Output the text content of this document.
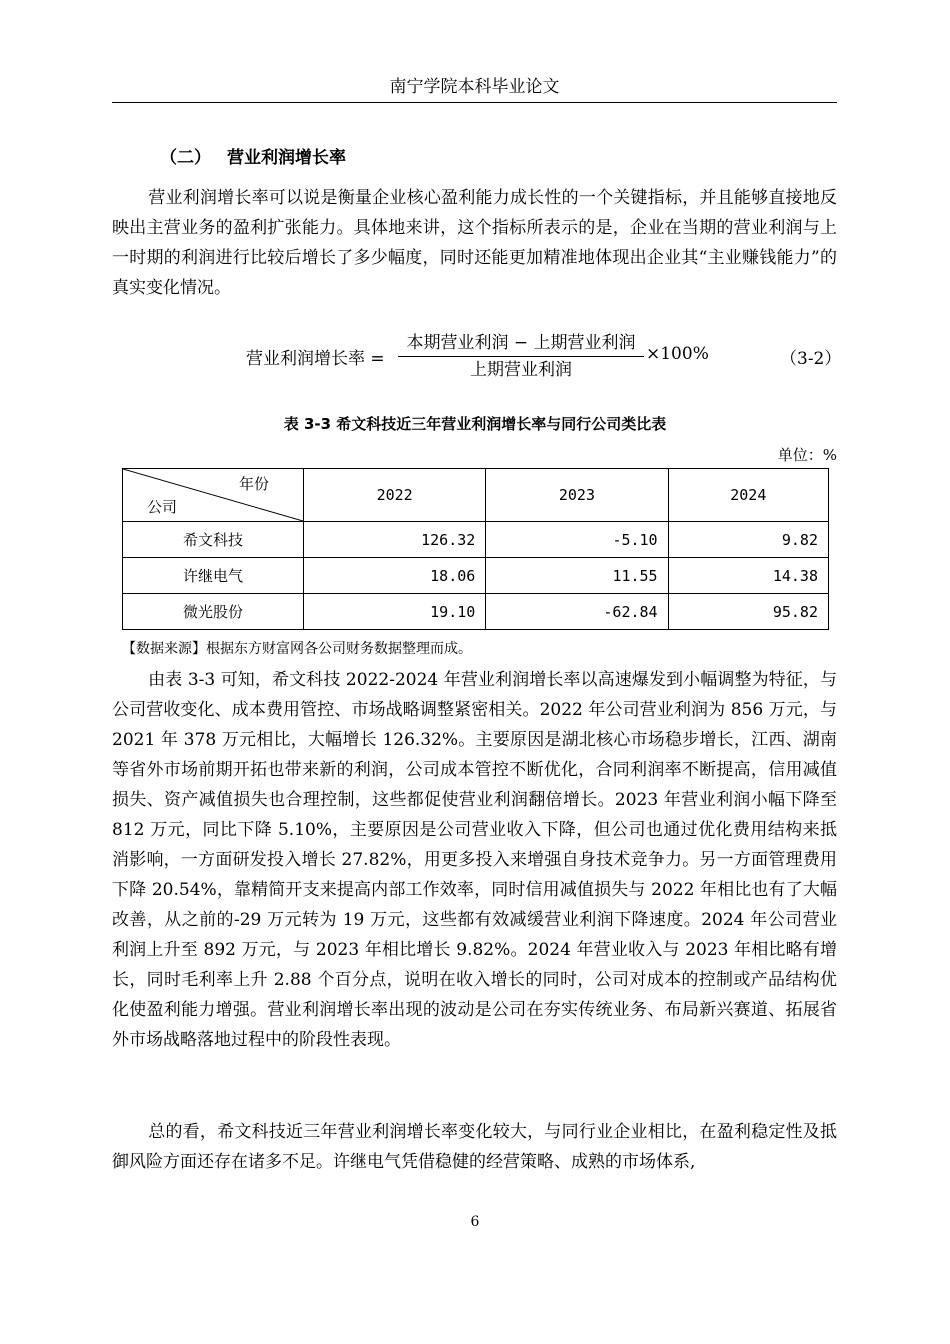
南宁学院本科毕业论文
（二） 营业利润增长率
营业利润增长率可以说是衡量企业核心盈利能力成长性的一个关键指标，并且能够直接地反映出主营业务的盈利扩张能力。具体地来讲，这个指标所表示的是，企业在当期的营业利润与上一时期的利润进行比较后增长了多少幅度，同时还能更加精准地体现出企业其“主业赚钱能力”的真实变化情况。
营业利润增长率 =
本期营业利润 − 上期营业利润
上期营业利润
×100%	（3-2）
表 3-3 希文科技近三年营业利润增长率与同行公司类比表
单位：%
年份
公司	2022	2023	2024
希文科技	126.32	-5.10	9.82
许继电气	18.06	11.55	14.38
微光股份	19.10	-62.84	95.82
【数据来源】根据东方财富网各公司财务数据整理而成。
由表 3-3 可知，希文科技 2022-2024 年营业利润增长率以高速爆发到小幅调整为特征，与公司营收变化、成本费用管控、市场战略调整紧密相关。2022 年公司营业利润为 856 万元，与 2021 年 378 万元相比，大幅增长 126.32%。主要原因是湖北核心市场稳步增长，江西、湖南等省外市场前期开拓也带来新的利润，公司成本管控不断优化，合同利润率不断提高，信用减值损失、资产减值损失也合理控制，这些都促使营业利润翻倍增长。2023 年营业利润小幅下降至 812 万元，同比下降 5.10%，主要原因是公司营业收入下降，但公司也通过优化费用结构来抵消影响，一方面研发投入增长 27.82%，用更多投入来增强自身技术竞争力。另一方面管理费用下降 20.54%，靠精简开支来提高内部工作效率，同时信用减值损失与 2022 年相比也有了大幅改善，从之前的-29 万元转为 19 万元，这些都有效减缓营业利润下降速度。2024 年公司营业利润上升至 892 万元，与 2023 年相比增长 9.82%。2024 年营业收入与 2023 年相比略有增长，同时毛利率上升 2.88 个百分点，说明在收入增长的同时，公司对成本的控制或产品结构优化使盈利能力增强。营业利润增长率出现的波动是公司在夯实传统业务、布局新兴赛道、拓展省外市场战略落地过程中的阶段性表现。
总的看，希文科技近三年营业利润增长率变化较大，与同行业企业相比，在盈利稳定性及抵御风险方面还存在诸多不足。许继电气凭借稳健的经营策略、成熟的市场体系,
6
